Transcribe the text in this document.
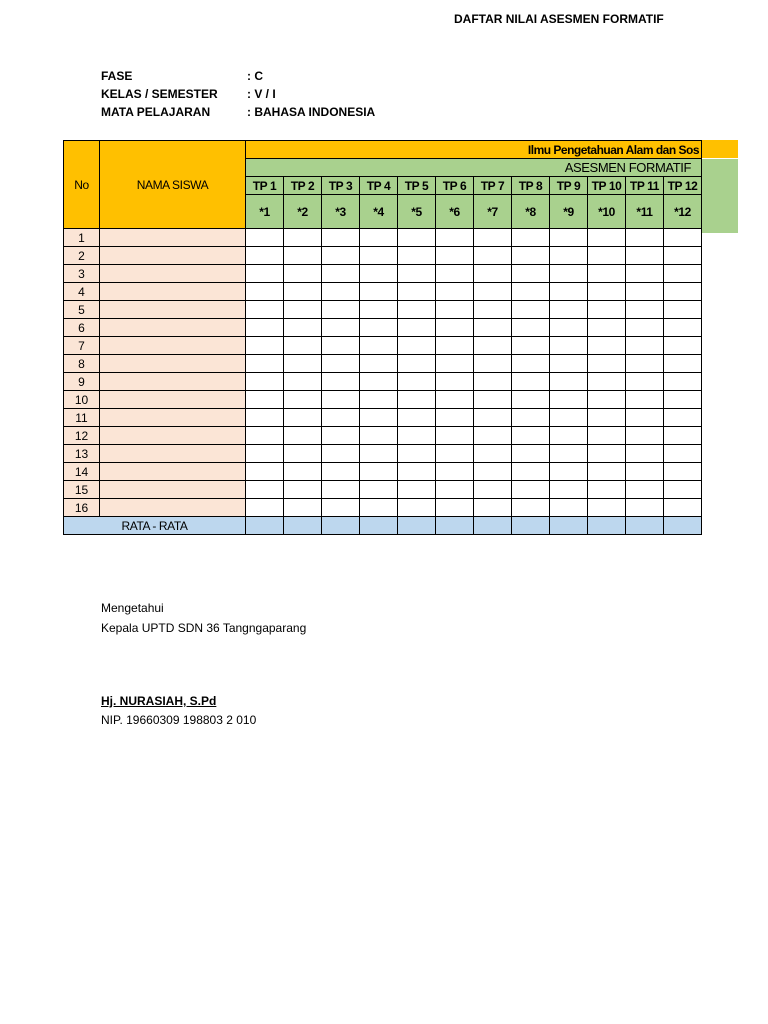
DAFTAR NILAI ASESMEN FORMATIF
FASE	: C
KELAS / SEMESTER : V / I
MATA PELAJARAN	: BAHASA INDONESIA
No	NAMA SISWA	Ilmu Pengetahuan Alam dan Sos											
		ASESMEN FORMATIF											
		TP 1	TP 2	TP 3	TP 4	TP 5	TP 6	TP 7	TP 8	TP 9	TP 10	TP 11	TP 12
		*1	*2	*3	*4	*5	*6	*7	*8	*9	*10	*11	*12
1													
2													
3													
4													
5													
6													
7													
8													
9													
10													
11													
12													
13													
14													
15													
16													
RATA - RATA													
Mengetahui
Kepala UPTD SDN 36 Tangngaparang
Hj. NURASIAH, S.Pd
NIP. 19660309 198803 2 010
